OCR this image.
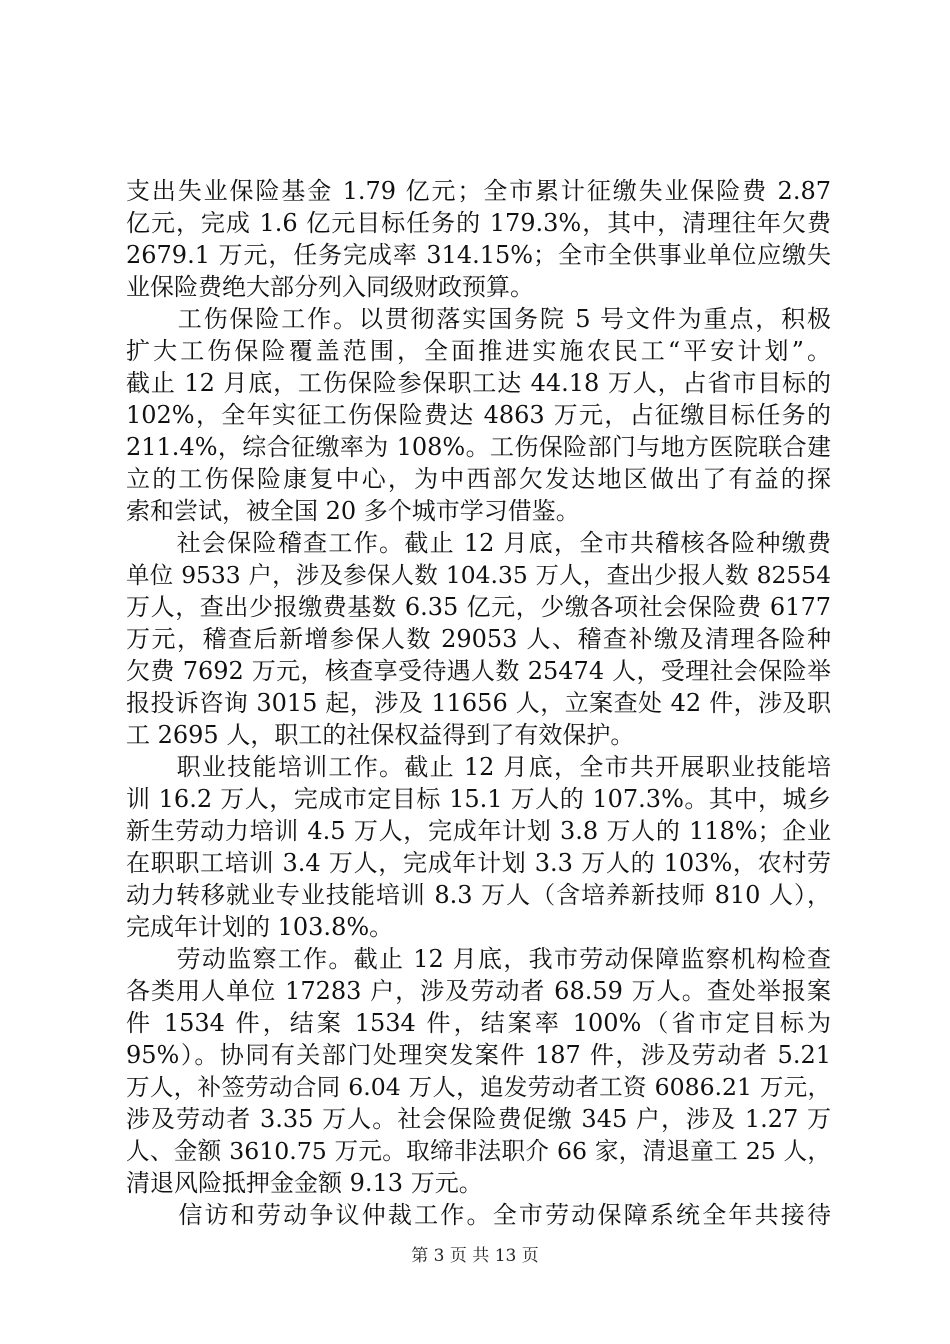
支出失业保险基金 1.79 亿元；全市累计征缴失业保险费 2.87
亿元，完成 1.6 亿元目标任务的 179.3%，其中，清理往年欠费
2679.1 万元，任务完成率 314.15%；全市全供事业单位应缴失
业保险费绝大部分列入同级财政预算。
　　工伤保险工作。以贯彻落实国务院 5 号文件为重点，积极
扩大工伤保险覆盖范围，全面推进实施农民工“平安计划”。
截止 12 月底，工伤保险参保职工达 44.18 万人，占省市目标的
102%，全年实征工伤保险费达 4863 万元，占征缴目标任务的
211.4%，综合征缴率为 108%。工伤保险部门与地方医院联合建
立的工伤保险康复中心，为中西部欠发达地区做出了有益的探
索和尝试，被全国 20 多个城市学习借鉴。
　　社会保险稽查工作。截止 12 月底，全市共稽核各险种缴费
单位 9533 户，涉及参保人数 104.35 万人，查出少报人数 82554
万人，查出少报缴费基数 6.35 亿元，少缴各项社会保险费 6177
万元，稽查后新增参保人数 29053 人、稽查补缴及清理各险种
欠费 7692 万元，核查享受待遇人数 25474 人，受理社会保险举
报投诉咨询 3015 起，涉及 11656 人，立案查处 42 件，涉及职
工 2695 人，职工的社保权益得到了有效保护。
　　职业技能培训工作。截止 12 月底，全市共开展职业技能培
训 16.2 万人，完成市定目标 15.1 万人的 107.3%。其中，城乡
新生劳动力培训 4.5 万人，完成年计划 3.8 万人的 118%；企业
在职职工培训 3.4 万人，完成年计划 3.3 万人的 103%，农村劳
动力转移就业专业技能培训 8.3 万人（含培养新技师 810 人），
完成年计划的 103.8%。
　　劳动监察工作。截止 12 月底，我市劳动保障监察机构检查
各类用人单位 17283 户，涉及劳动者 68.59 万人。查处举报案
件 1534 件，结案 1534 件，结案率 100%（省市定目标为
95%）。协同有关部门处理突发案件 187 件，涉及劳动者 5.21
万人，补签劳动合同 6.04 万人，追发劳动者工资 6086.21 万元，
涉及劳动者 3.35 万人。社会保险费促缴 345 户，涉及 1.27 万
人、金额 3610.75 万元。取缔非法职介 66 家，清退童工 25 人，
清退风险抵押金金额 9.13 万元。
　　信访和劳动争议仲裁工作。全市劳动保障系统全年共接待
第 3 页 共 13 页
